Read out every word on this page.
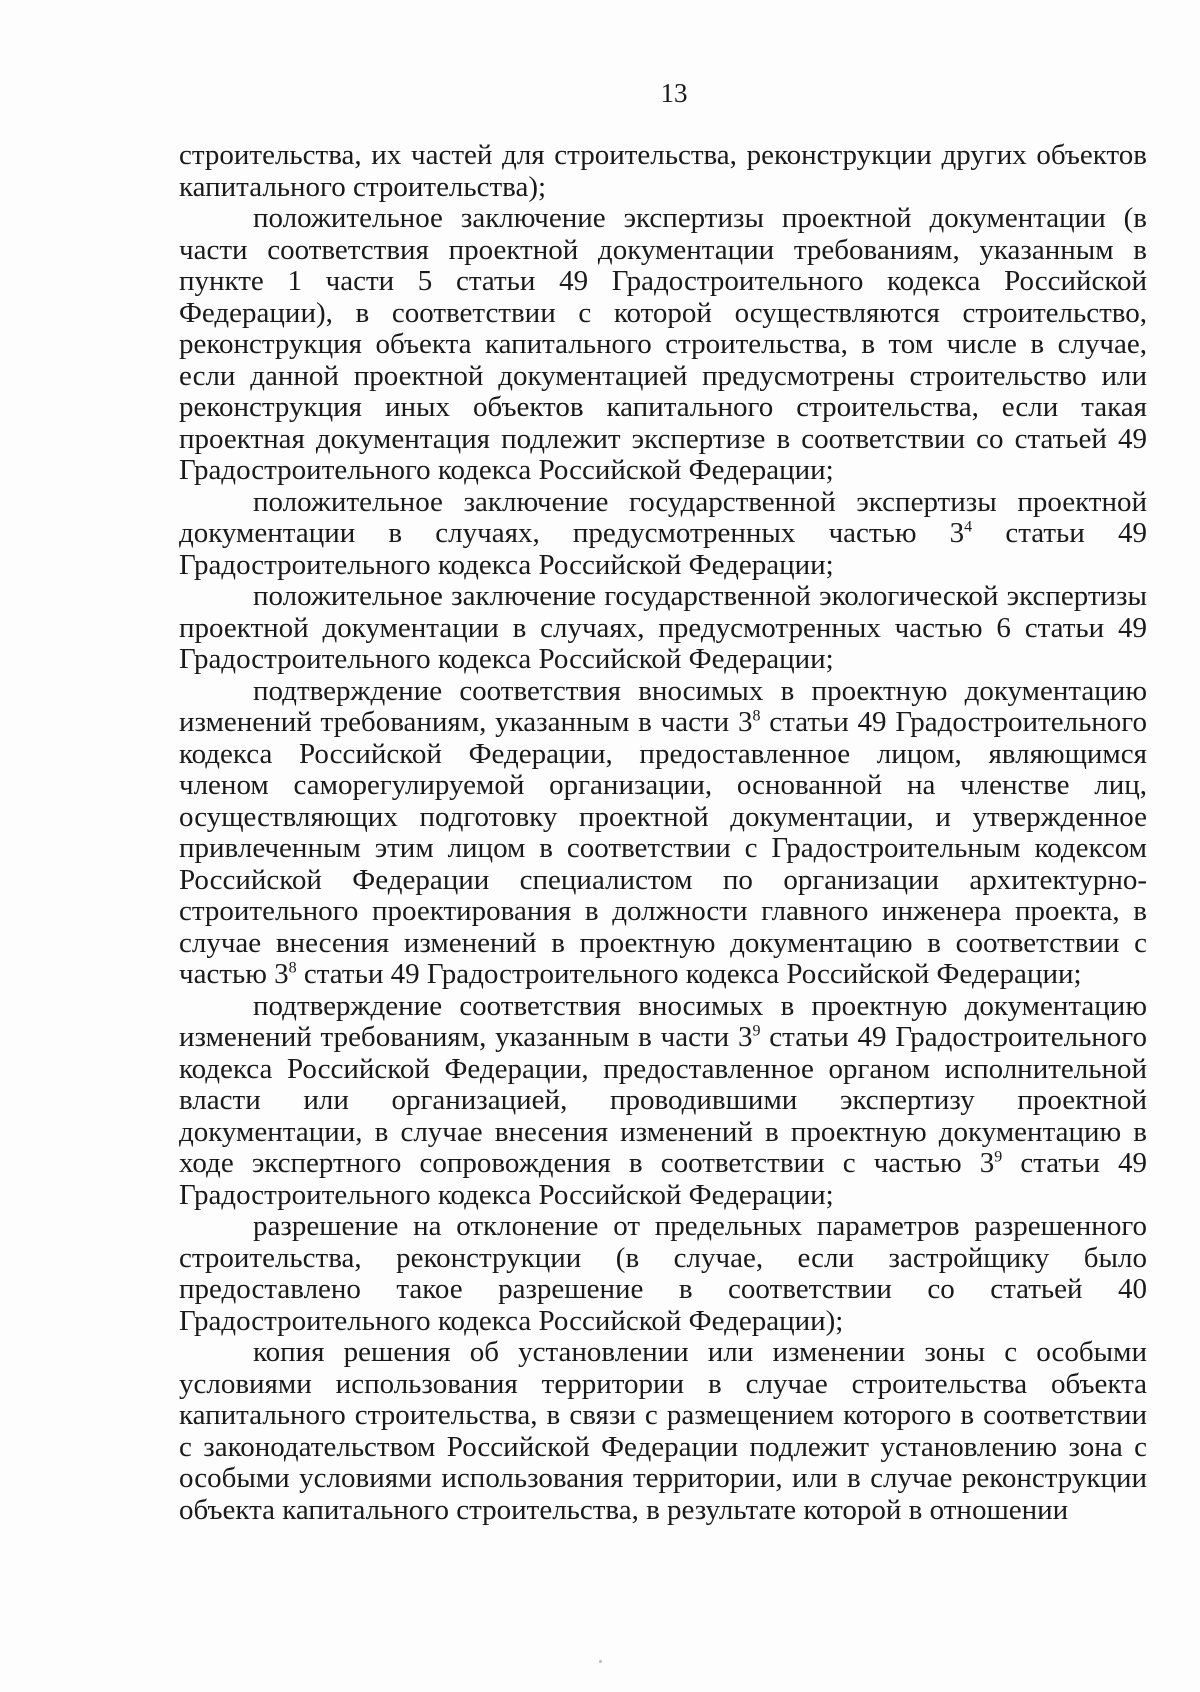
13

строительства, их частей для строительства, реконструкции других объектов капитального строительства);

положительное заключение экспертизы проектной документации (в части соответствия проектной документации требованиям, указанным в пункте 1 части 5 статьи 49 Градостроительного кодекса Российской Федерации), в соответствии с которой осуществляются строительство, реконструкция объекта капитального строительства, в том числе в случае, если данной проектной документацией предусмотрены строительство или реконструкция иных объектов капитального строительства, если такая проектная документация подлежит экспертизе в соответствии со статьей 49 Градостроительного кодекса Российской Федерации;

положительное заключение государственной экспертизы проектной документации в случаях, предусмотренных частью $3^4$ статьи 49 Градостроительного кодекса Российской Федерации;

положительное заключение государственной экологической экспертизы проектной документации в случаях, предусмотренных частью 6 статьи 49 Градостроительного кодекса Российской Федерации;

подтверждение соответствия вносимых в проектную документацию изменений требованиям, указанным в части $3^8$ статьи 49 Градостроительного кодекса Российской Федерации, предоставленное лицом, являющимся членом саморегулируемой организации, основанной на членстве лиц, осуществляющих подготовку проектной документации, и утвержденное привлеченным этим лицом в соответствии с Градостроительным кодексом Российской Федерации специалистом по организации архитектурно-строительного проектирования в должности главного инженера проекта, в случае внесения изменений в проектную документацию в соответствии с частью $3^8$ статьи 49 Градостроительного кодекса Российской Федерации;

подтверждение соответствия вносимых в проектную документацию изменений требованиям, указанным в части $3^9$ статьи 49 Градостроительного кодекса Российской Федерации, предоставленное органом исполнительной власти или организацией, проводившими экспертизу проектной документации, в случае внесения изменений в проектную документацию в ходе экспертного сопровождения в соответствии с частью $3^9$ статьи 49 Градостроительного кодекса Российской Федерации;

разрешение на отклонение от предельных параметров разрешенного строительства, реконструкции (в случае, если застройщику было предоставлено такое разрешение в соответствии со статьей 40 Градостроительного кодекса Российской Федерации);

копия решения об установлении или изменении зоны с особыми условиями использования территории в случае строительства объекта капитального строительства, в связи с размещением которого в соответствии с законодательством Российской Федерации подлежит установлению зона с особыми условиями использования территории, или в случае реконструкции объекта капитального строительства, в результате которой в отношении
